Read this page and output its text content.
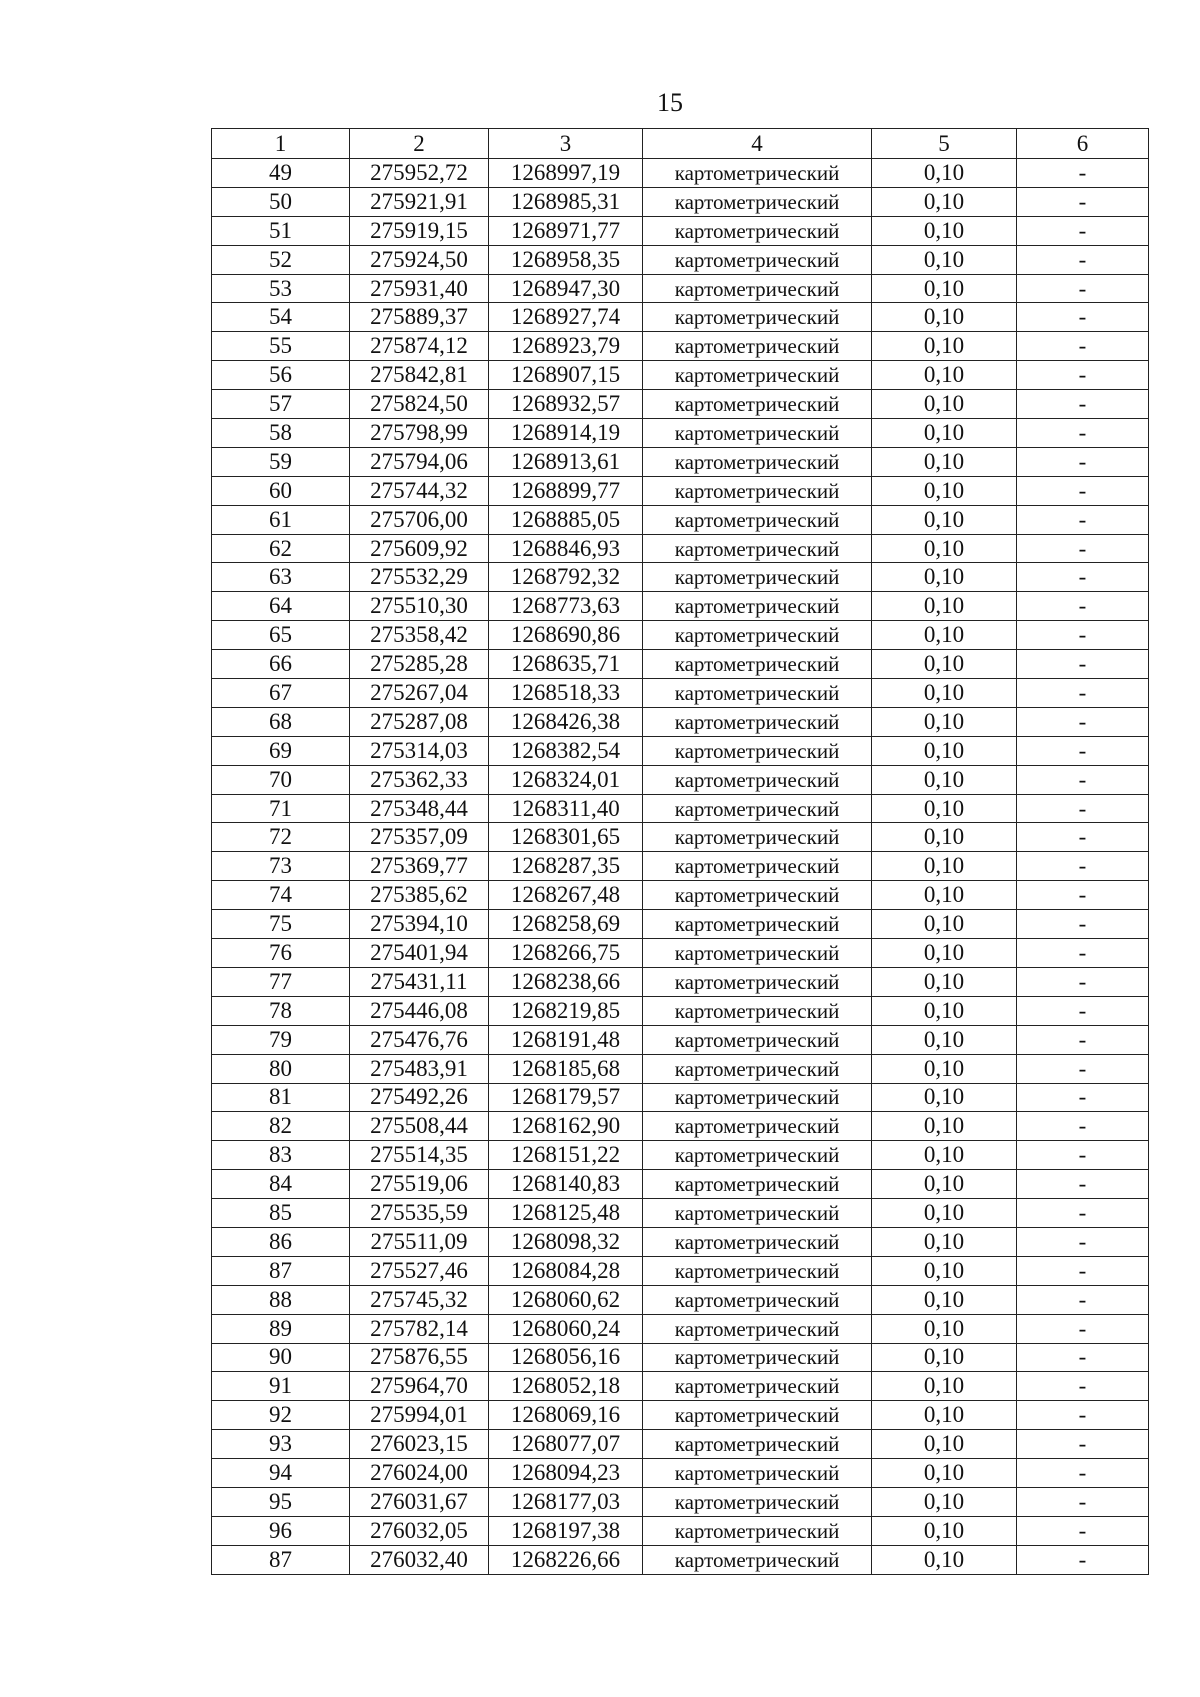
15
1	2	3	4	5	6
49	275952,72	1268997,19	картометрический	0,10	-
50	275921,91	1268985,31	картометрический	0,10	-
51	275919,15	1268971,77	картометрический	0,10	-
52	275924,50	1268958,35	картометрический	0,10	-
53	275931,40	1268947,30	картометрический	0,10	-
54	275889,37	1268927,74	картометрический	0,10	-
55	275874,12	1268923,79	картометрический	0,10	-
56	275842,81	1268907,15	картометрический	0,10	-
57	275824,50	1268932,57	картометрический	0,10	-
58	275798,99	1268914,19	картометрический	0,10	-
59	275794,06	1268913,61	картометрический	0,10	-
60	275744,32	1268899,77	картометрический	0,10	-
61	275706,00	1268885,05	картометрический	0,10	-
62	275609,92	1268846,93	картометрический	0,10	-
63	275532,29	1268792,32	картометрический	0,10	-
64	275510,30	1268773,63	картометрический	0,10	-
65	275358,42	1268690,86	картометрический	0,10	-
66	275285,28	1268635,71	картометрический	0,10	-
67	275267,04	1268518,33	картометрический	0,10	-
68	275287,08	1268426,38	картометрический	0,10	-
69	275314,03	1268382,54	картометрический	0,10	-
70	275362,33	1268324,01	картометрический	0,10	-
71	275348,44	1268311,40	картометрический	0,10	-
72	275357,09	1268301,65	картометрический	0,10	-
73	275369,77	1268287,35	картометрический	0,10	-
74	275385,62	1268267,48	картометрический	0,10	-
75	275394,10	1268258,69	картометрический	0,10	-
76	275401,94	1268266,75	картометрический	0,10	-
77	275431,11	1268238,66	картометрический	0,10	-
78	275446,08	1268219,85	картометрический	0,10	-
79	275476,76	1268191,48	картометрический	0,10	-
80	275483,91	1268185,68	картометрический	0,10	-
81	275492,26	1268179,57	картометрический	0,10	-
82	275508,44	1268162,90	картометрический	0,10	-
83	275514,35	1268151,22	картометрический	0,10	-
84	275519,06	1268140,83	картометрический	0,10	-
85	275535,59	1268125,48	картометрический	0,10	-
86	275511,09	1268098,32	картометрический	0,10	-
87	275527,46	1268084,28	картометрический	0,10	-
88	275745,32	1268060,62	картометрический	0,10	-
89	275782,14	1268060,24	картометрический	0,10	-
90	275876,55	1268056,16	картометрический	0,10	-
91	275964,70	1268052,18	картометрический	0,10	-
92	275994,01	1268069,16	картометрический	0,10	-
93	276023,15	1268077,07	картометрический	0,10	-
94	276024,00	1268094,23	картометрический	0,10	-
95	276031,67	1268177,03	картометрический	0,10	-
96	276032,05	1268197,38	картометрический	0,10	-
87	276032,40	1268226,66	картометрический	0,10	-
